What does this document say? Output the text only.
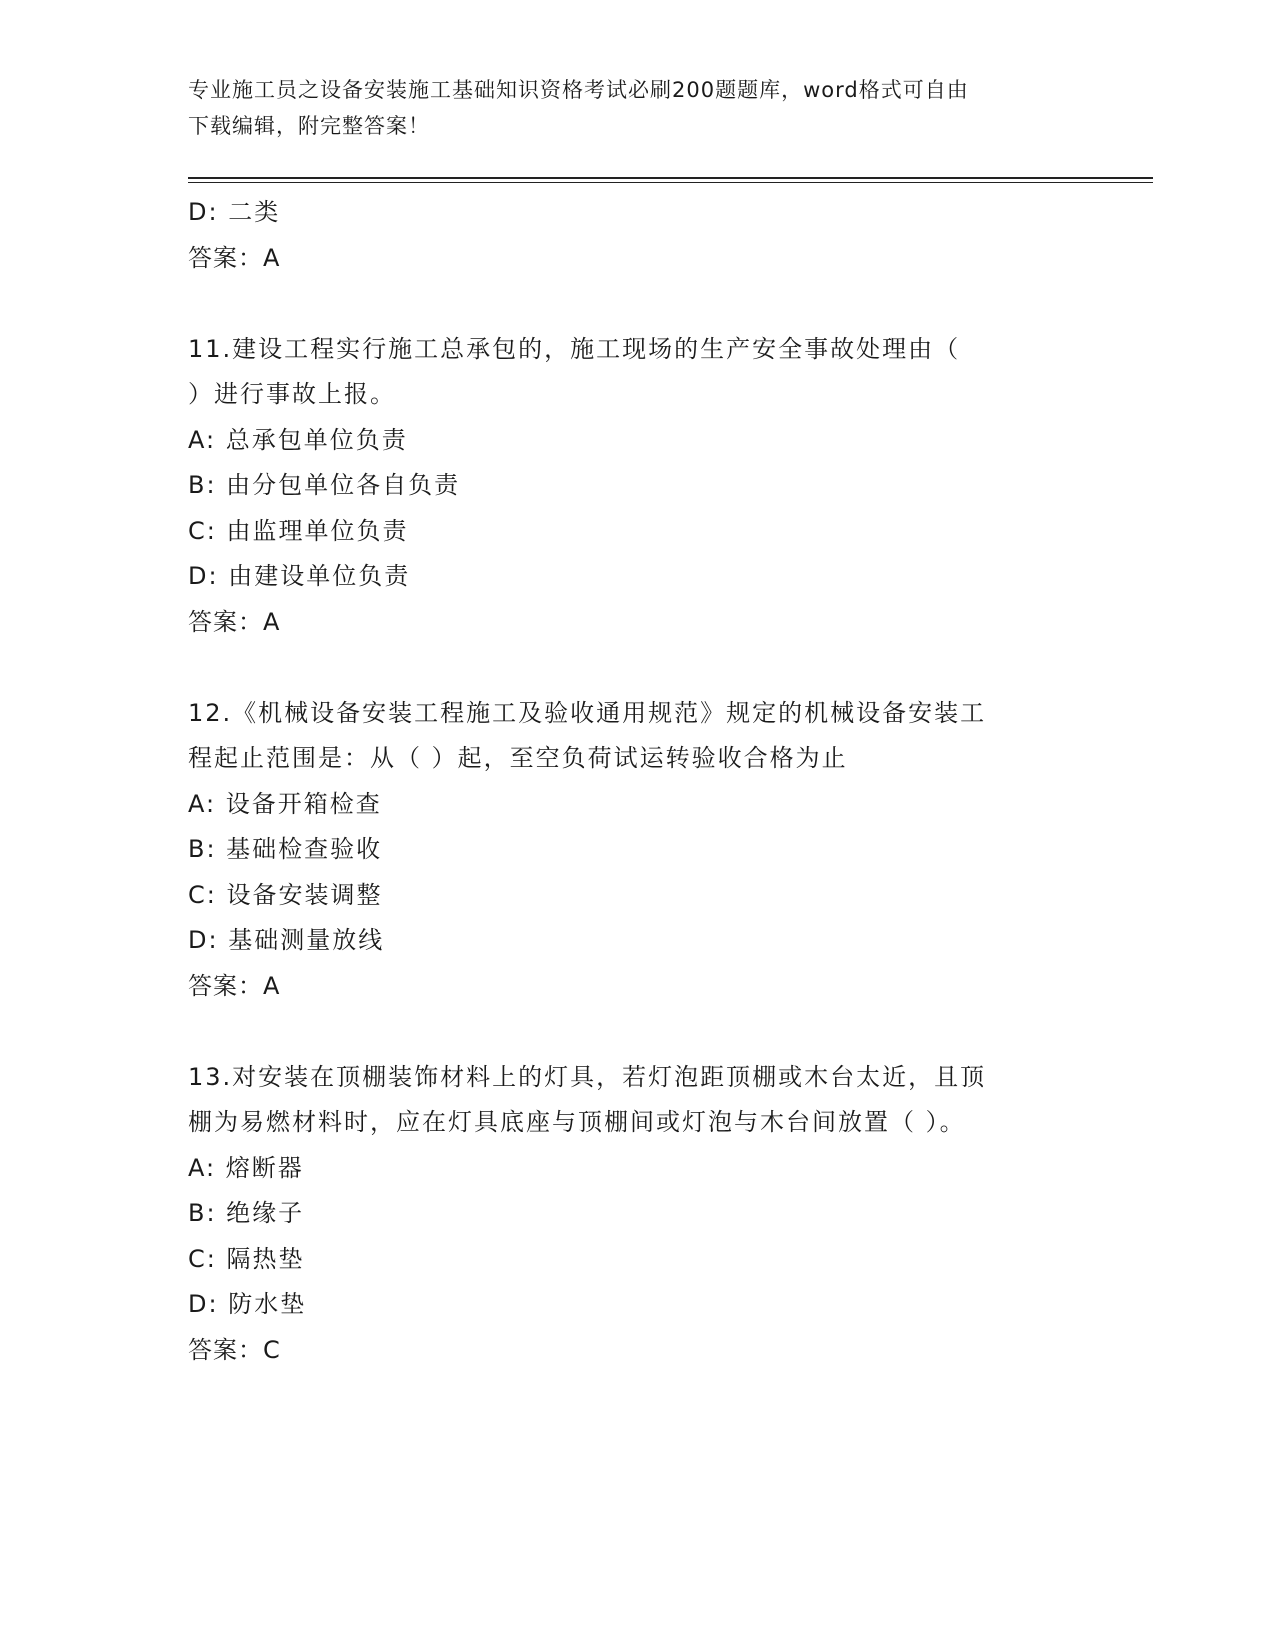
专业施工员之设备安装施工基础知识资格考试必刷200题题库，word格式可自由
下载编辑，附完整答案！
D: 二类
答案：A
11.建设工程实行施工总承包的，施工现场的生产安全事故处理由（
）进行事故上报。
A: 总承包单位负责
B: 由分包单位各自负责
C: 由监理单位负责
D: 由建设单位负责
答案：A
12.《机械设备安装工程施工及验收通用规范》规定的机械设备安装工
程起止范围是：从（ ）起，至空负荷试运转验收合格为止
A: 设备开箱检查
B: 基础检查验收
C: 设备安装调整
D: 基础测量放线
答案：A
13.对安装在顶棚装饰材料上的灯具，若灯泡距顶棚或木台太近，且顶
棚为易燃材料时，应在灯具底座与顶棚间或灯泡与木台间放置（ ）。
A: 熔断器
B: 绝缘子
C: 隔热垫
D: 防水垫
答案：C
